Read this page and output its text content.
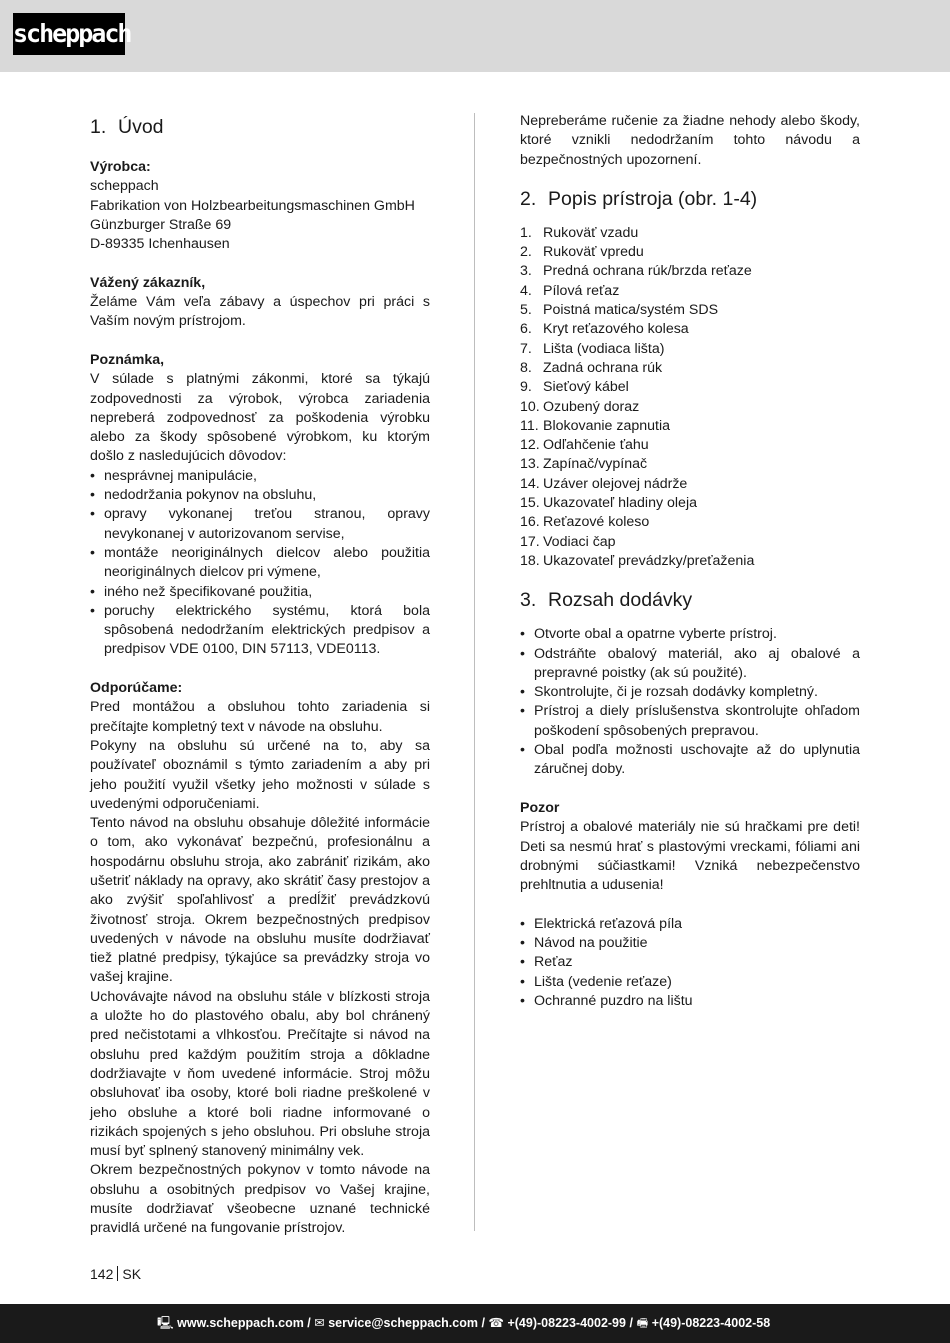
scheppach
1. Úvod
Výrobca:
scheppach
Fabrikation von Holzbearbeitungsmaschinen GmbH
Günzburger Straße 69
D-89335 Ichenhausen
Vážený zákazník,

Želáme Vám veľa zábavy a úspechov pri práci s Vaším novým prístrojom.

Poznámka,

V súlade s platnými zákonmi, ktoré sa týkajú zodpovednosti za výrobok, výrobca zariadenia nepreberá zodpovednosť za poškodenia výrobku alebo za škody spôsobené výrobkom, ku ktorým došlo z nasledujúcich dôvodov:

• nesprávnej manipulácie,
• nedodržania pokynov na obsluhu,
• opravy vykonanej treťou stranou, opravy nevykonanej v autorizovanom servise,
• montáže neoriginálnych dielcov alebo použitia neoriginálnych dielcov pri výmene,
• iného než špecifikované použitia,
• poruchy elektrického systému, ktorá bola spôsobená nedodržaním elektrických predpisov a predpisov VDE 0100, DIN 57113, VDE0113.
Odporúčame:

Pred montážou a obsluhou tohto zariadenia si prečítajte kompletný text v návode na obsluhu.

Pokyny na obsluhu sú určené na to, aby sa používateľ oboznámil s týmto zariadením a aby pri jeho použití využil všetky jeho možnosti v súlade s uvedenými odporučeniami.

Tento návod na obsluhu obsahuje dôležité informácie o tom, ako vykonávať bezpečnú, profesionálnu a hospodárnu obsluhu stroja, ako zabrániť rizikám, ako ušetriť náklady na opravy, ako skrátiť časy prestojov a ako zvýšiť spoľahlivosť a predĺžiť prevádzkovú životnosť stroja. Okrem bezpečnostných predpisov uvedených v návode na obsluhu musíte dodržiavať tiež platné predpisy, týkajúce sa prevádzky stroja vo vašej krajine.

Uchovávajte návod na obsluhu stále v blízkosti stroja a uložte ho do plastového obalu, aby bol chránený pred nečistotami a vlhkosťou. Prečítajte si návod na obsluhu pred každým použitím stroja a dôkladne dodržiavajte v ňom uvedené informácie. Stroj môžu obsluhovať iba osoby, ktoré boli riadne preškolené v jeho obsluhe a ktoré boli riadne informované o rizikách spojených s jeho obsluhou. Pri obsluhe stroja musí byť splnený stanovený minimálny vek.

Okrem bezpečnostných pokynov v tomto návode na obsluhu a osobitných predpisov vo Vašej krajine, musíte dodržiavať všeobecne uznané technické pravidlá určené na fungovanie prístrojov.

Nepreberáme ručenie za žiadne nehody alebo škody, ktoré vznikli nedodržaním tohto návodu a bezpečnostných upozornení.

2. Popis prístroja (obr. 1-4)
1. Rukoväť vzadu
2. Rukoväť vpredu
3. Predná ochrana rúk/brzda reťaze
4. Pílová reťaz
5. Poistná matica/systém SDS
6. Kryt reťazového kolesa
7. Lišta (vodiaca lišta)
8. Zadná ochrana rúk
9. Sieťový kábel
10. Ozubený doraz
11. Blokovanie zapnutia
12. Odľahčenie ťahu
13. Zapínač/vypínač
14. Uzáver olejovej nádrže
15. Ukazovateľ hladiny oleja
16. Reťazové koleso
17. Vodiaci čap
18. Ukazovateľ prevádzky/preťaženia
3. Rozsah dodávky
• Otvorte obal a opatrne vyberte prístroj.
• Odstráňte obalový materiál, ako aj obalové a prepravné poistky (ak sú použité).
• Skontrolujte, či je rozsah dodávky kompletný.
• Prístroj a diely príslušenstva skontrolujte ohľadom poškodení spôsobených prepravou.
• Obal podľa možnosti uschovajte až do uplynutia záručnej doby.
Pozor

Prístroj a obalové materiály nie sú hračkami pre deti! Deti sa nesmú hrať s plastovými vreckami, fóliami ani drobnými súčiastkami! Vzniká nebezpečenstvo prehltnutia a udusenia!

• Elektrická reťazová píla
• Návod na použitie
• Reťaz
• Lišta (vedenie reťaze)
• Ochranné puzdro na lištu
142 SK
🖳 www.scheppach.com / ✉ service@scheppach.com / ☎ +(49)-08223-4002-99 / 🖷 +(49)-08223-4002-58
